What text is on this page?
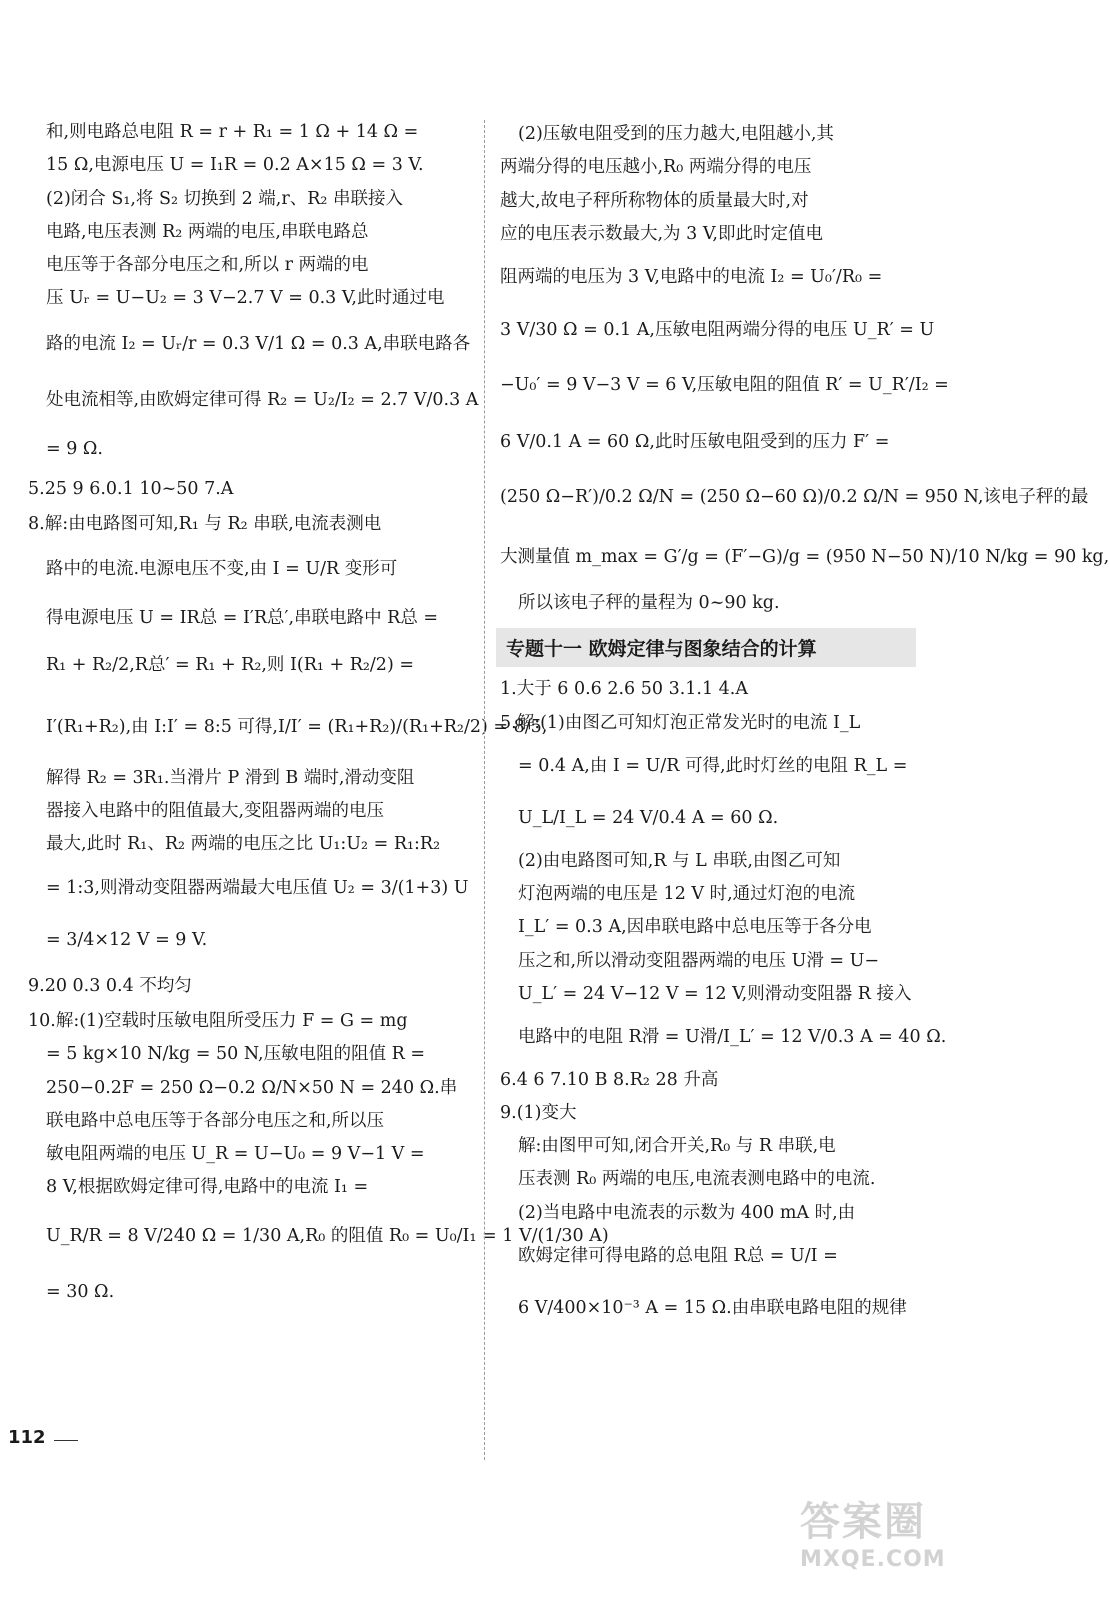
和,则电路总电阻 R = r + R₁ = 1 Ω + 14 Ω =
15 Ω,电源电压 U = I₁R = 0.2 A×15 Ω = 3 V.
(2)闭合 S₁,将 S₂ 切换到 2 端,r、R₂ 串联接入
电路,电压表测 R₂ 两端的电压,串联电路总
电压等于各部分电压之和,所以 r 两端的电
压 Uᵣ = U−U₂ = 3 V−2.7 V = 0.3 V,此时通过电
路的电流 I₂ = Uᵣ/r = 0.3 V/1 Ω = 0.3 A,串联电路各
处电流相等,由欧姆定律可得 R₂ = U₂/I₂ = 2.7 V/0.3 A
= 9 Ω.
5.25 9 6.0.1 10~50 7.A
8.解:由电路图可知,R₁ 与 R₂ 串联,电流表测电
路中的电流.电源电压不变,由 I = U/R 变形可
得电源电压 U = IR总 = I′R总′,串联电路中 R总 =
R₁ + R₂/2,R总′ = R₁ + R₂,则 I(R₁ + R₂/2) =
I′(R₁+R₂),由 I:I′ = 8:5 可得,I/I′ = (R₁+R₂)/(R₁+R₂/2) = 8/5,
解得 R₂ = 3R₁.当滑片 P 滑到 B 端时,滑动变阻
器接入电路中的阻值最大,变阻器两端的电压
最大,此时 R₁、R₂ 两端的电压之比 U₁:U₂ = R₁:R₂
= 1:3,则滑动变阻器两端最大电压值 U₂ = 3/(1+3) U
= 3/4×12 V = 9 V.
9.20 0.3 0.4 不均匀
10.解:(1)空载时压敏电阻所受压力 F = G = mg
= 5 kg×10 N/kg = 50 N,压敏电阻的阻值 R =
250−0.2F = 250 Ω−0.2 Ω/N×50 N = 240 Ω.串
联电路中总电压等于各部分电压之和,所以压
敏电阻两端的电压 U_R = U−U₀ = 9 V−1 V =
8 V,根据欧姆定律可得,电路中的电流 I₁ =
U_R/R = 8 V/240 Ω = 1/30 A,R₀ 的阻值 R₀ = U₀/I₁ = 1 V/(1/30 A)
= 30 Ω.
(2)压敏电阻受到的压力越大,电阻越小,其
两端分得的电压越小,R₀ 两端分得的电压
越大,故电子秤所称物体的质量最大时,对
应的电压表示数最大,为 3 V,即此时定值电
阻两端的电压为 3 V,电路中的电流 I₂ = U₀′/R₀ =
3 V/30 Ω = 0.1 A,压敏电阻两端分得的电压 U_R′ = U
−U₀′ = 9 V−3 V = 6 V,压敏电阻的阻值 R′ = U_R′/I₂ =
6 V/0.1 A = 60 Ω,此时压敏电阻受到的压力 F′ =
(250 Ω−R′)/0.2 Ω/N = (250 Ω−60 Ω)/0.2 Ω/N = 950 N,该电子秤的最
大测量值 m_max = G′/g = (F′−G)/g = (950 N−50 N)/10 N/kg = 90 kg,
所以该电子秤的量程为 0~90 kg.
专题十一 欧姆定律与图象结合的计算
1.大于 6 0.6 2.6 50 3.1.1 4.A
5.解:(1)由图乙可知灯泡正常发光时的电流 I_L
= 0.4 A,由 I = U/R 可得,此时灯丝的电阻 R_L =
U_L/I_L = 24 V/0.4 A = 60 Ω.
(2)由电路图可知,R 与 L 串联,由图乙可知
灯泡两端的电压是 12 V 时,通过灯泡的电流
I_L′ = 0.3 A,因串联电路中总电压等于各分电
压之和,所以滑动变阻器两端的电压 U滑 = U−
U_L′ = 24 V−12 V = 12 V,则滑动变阻器 R 接入
电路中的电阻 R滑 = U滑/I_L′ = 12 V/0.3 A = 40 Ω.
6.4 6 7.10 B 8.R₂ 28 升高
9.(1)变大
解:由图甲可知,闭合开关,R₀ 与 R 串联,电
压表测 R₀ 两端的电压,电流表测电路中的电流.
(2)当电路中电流表的示数为 400 mA 时,由
欧姆定律可得电路的总电阻 R总 = U/I =
6 V/400×10⁻³ A = 15 Ω.由串联电路电阻的规律
112
答案圈
MXQE.COM
